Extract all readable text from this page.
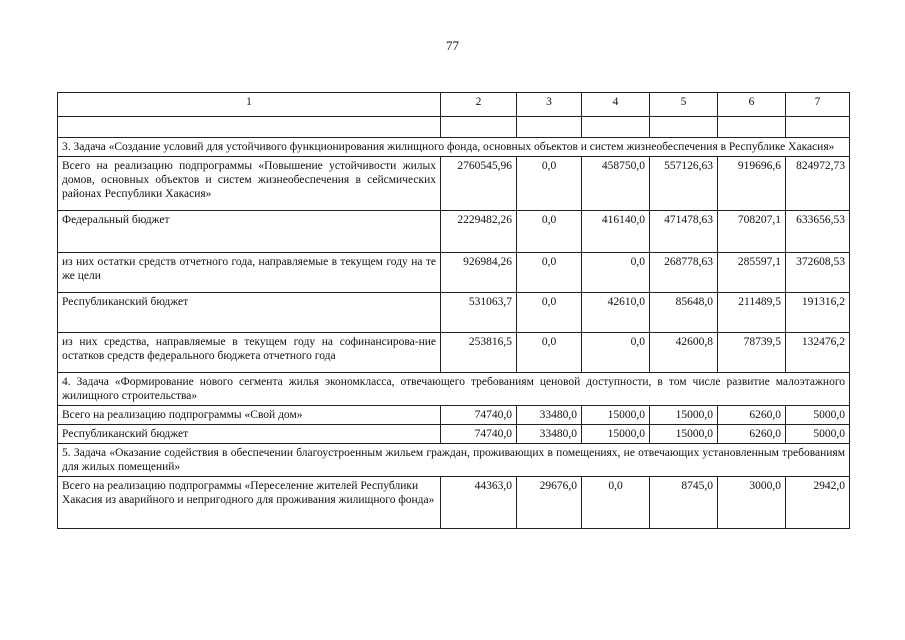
77
1	2	3	4	5	6	7

3. Задача «Создание условий для устойчивого функционирования жилищного фонда, основных объектов и систем жизнеобеспечения в Республике Хакасия»						
Всего на реализацию подпрограммы «Повышение устойчивости жилых домов, основных объектов и систем жизнеобеспечения в сейсмических районах Республики Хакасия»	2760545,96	0,0	458750,0	557126,63	919696,6	824972,73
Федеральный бюджет	2229482,26	0,0	416140,0	471478,63	708207,1	633656,53
из них остатки средств отчетного года, направляемые в текущем году на те же цели	926984,26	0,0	0,0	268778,63	285597,1	372608,53
Республиканский бюджет	531063,7	0,0	42610,0	85648,0	211489,5	191316,2
из них средства, направляемые в текущем году на софинансирова-ние остатков средств федерального бюджета отчетного года	253816,5	0,0	0,0	42600,8	78739,5	132476,2
4. Задача «Формирование нового сегмента жилья экономкласса, отвечающего требованиям ценовой доступности, в том числе развитие малоэтажного жилищного строительства»						
Всего на реализацию подпрограммы «Свой дом»	74740,0	33480,0	15000,0	15000,0	6260,0	5000,0
Республиканский бюджет	74740,0	33480,0	15000,0	15000,0	6260,0	5000,0
5. Задача «Оказание содействия в обеспечении благоустроенным жильем граждан, проживающих в помещениях, не отвечающих установленным требованиям для жилых помещений»						
Всего на реализацию подпрограммы «Переселение жителей Республики Хакасия из аварийного и непригодного для проживания жилищного фонда»	44363,0	29676,0	0,0	8745,0	3000,0	2942,0
